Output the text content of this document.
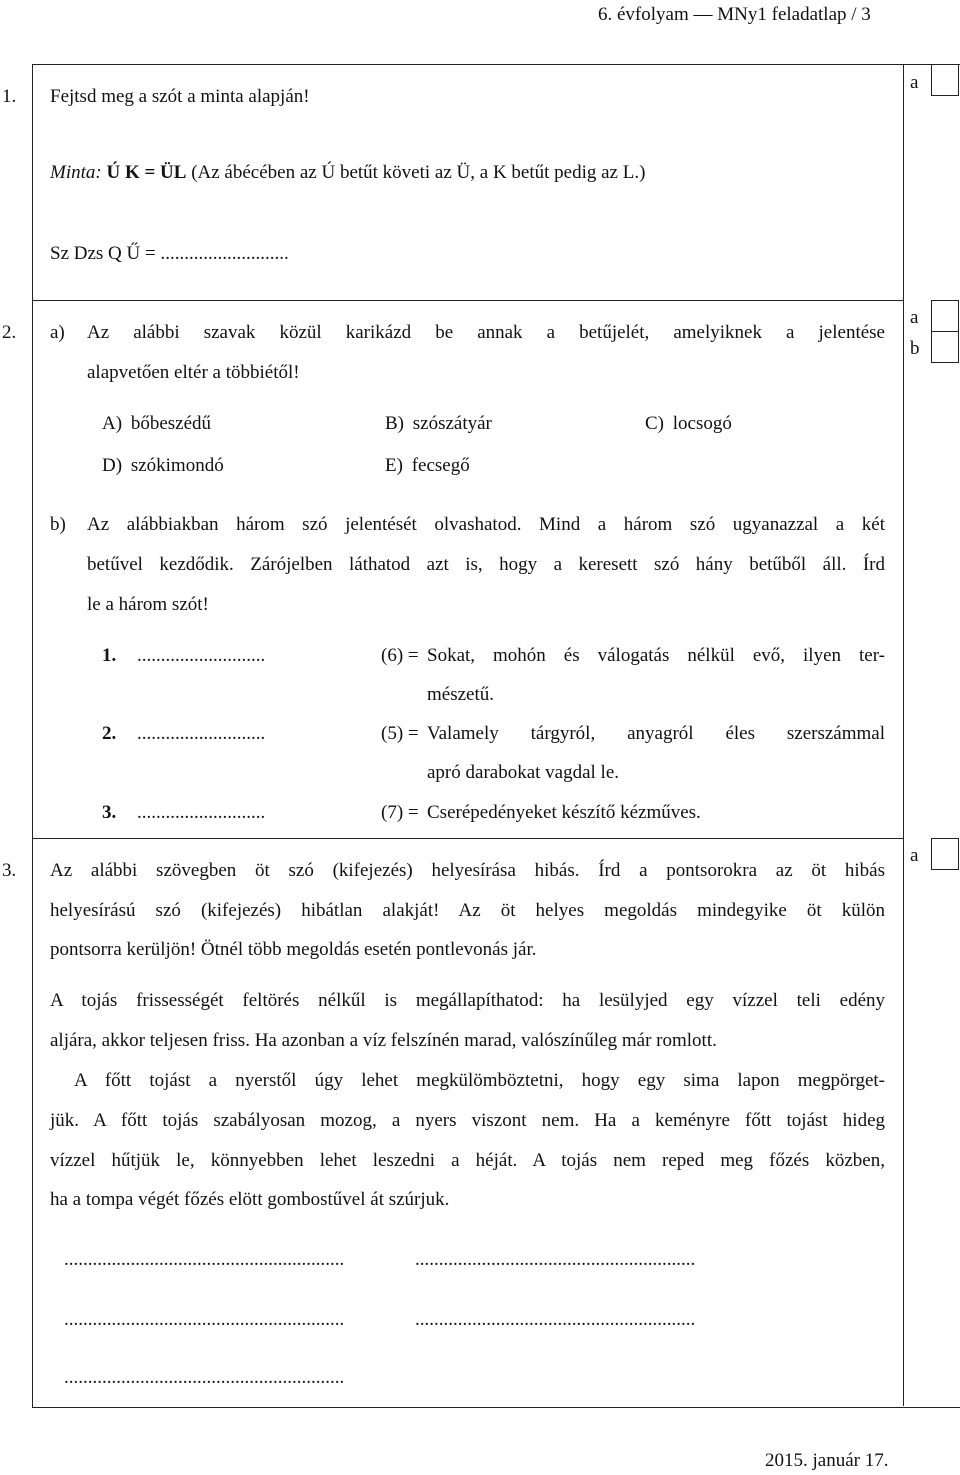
6. évfolyam — MNy1 feladatlap / 3
a
a
b
a
1. Fejtsd meg a szót a minta alapján!
Minta: Ú K = ÜL (Az ábécében az Ú betűt követi az Ü, a K betűt pedig az L.)
Sz Dzs Q Ű = ...........................
2. a) Az alábbi szavak közül karikázd be annak a betűjelét, amelyiknek a jelentése
alapvetően eltér a többiétől!
A) bőbeszédű	B) szószátyár	C) locsogó
D) szókimondó	E) fecsegő
b) Az alábbiakban három szó jelentését olvashatod. Mind a három szó ugyanazzal a két
betűvel kezdődik. Zárójelben láthatod azt is, hogy a keresett szó hány betűből áll. Írd
le a három szót!
1. ...........................	(6) = Sokat, mohón és válogatás nélkül evő, ilyen ter-
mészetű.
2. ...........................	(5) = Valamely tárgyról, anyagról éles szerszámmal
apró darabokat vagdal le.
3. ...........................	(7) = Cserépedényeket készítő kézműves.
3. Az alábbi szövegben öt szó (kifejezés) helyesírása hibás. Írd a pontsorokra az öt hibás
helyesírású szó (kifejezés) hibátlan alakját! Az öt helyes megoldás mindegyike öt külön
pontsorra kerüljön! Ötnél több megoldás esetén pontlevonás jár.
A tojás frissességét feltörés nélkűl is megállapíthatod: ha lesülyjed egy vízzel teli edény
aljára, akkor teljesen friss. Ha azonban a víz felszínén marad, valószínűleg már romlott.
A főtt tojást a nyerstől úgy lehet megkülömböztetni, hogy egy sima lapon megpörget-
jük. A főtt tojás szabályosan mozog, a nyers viszont nem. Ha a keményre főtt tojást hideg
vízzel hűtjük le, könnyebben lehet leszedni a héját. A tojás nem reped meg főzés közben,
ha a tompa végét főzés elött gombostűvel át szúrjuk.
...........................................................	...........................................................
...........................................................	...........................................................
...........................................................
2015. január 17.
